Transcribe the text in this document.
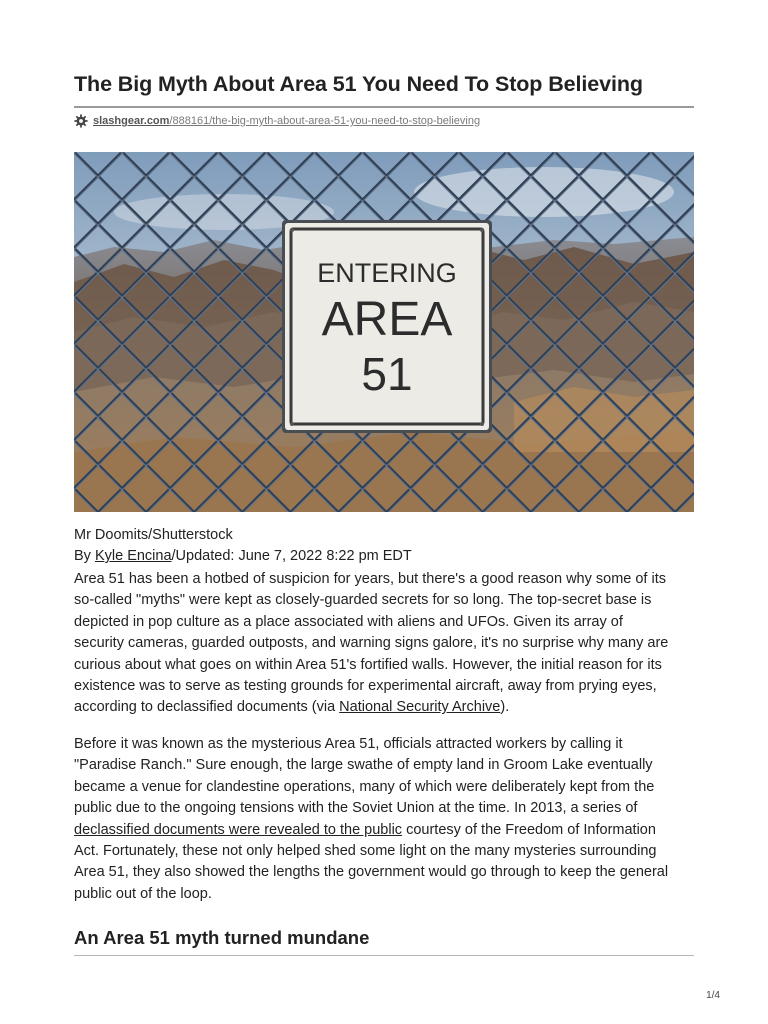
The Big Myth About Area 51 You Need To Stop Believing
slashgear.com /888161/the-big-myth-about-area-51-you-need-to-stop-believing
ENTERING
AREA
51
Mr Doomits/Shutterstock
By Kyle Encina/Updated: June 7, 2022 8:22 pm EDT
Area 51 has been a hotbed of suspicion for years, but there's a good reason why some of its
so-called "myths" were kept as closely-guarded secrets for so long. The top-secret base is
depicted in pop culture as a place associated with aliens and UFOs. Given its array of
security cameras, guarded outposts, and warning signs galore, it's no surprise why many are
curious about what goes on within Area 51's fortified walls. However, the initial reason for its
existence was to serve as testing grounds for experimental aircraft, away from prying eyes,
according to declassified documents (via National Security Archive).
Before it was known as the mysterious Area 51, officials attracted workers by calling it
"Paradise Ranch." Sure enough, the large swathe of empty land in Groom Lake eventually
became a venue for clandestine operations, many of which were deliberately kept from the
public due to the ongoing tensions with the Soviet Union at the time. In 2013, a series of
declassified documents were revealed to the public courtesy of the Freedom of Information
Act. Fortunately, these not only helped shed some light on the many mysteries surrounding
Area 51, they also showed the lengths the government would go through to keep the general
public out of the loop.
An Area 51 myth turned mundane
1/4
